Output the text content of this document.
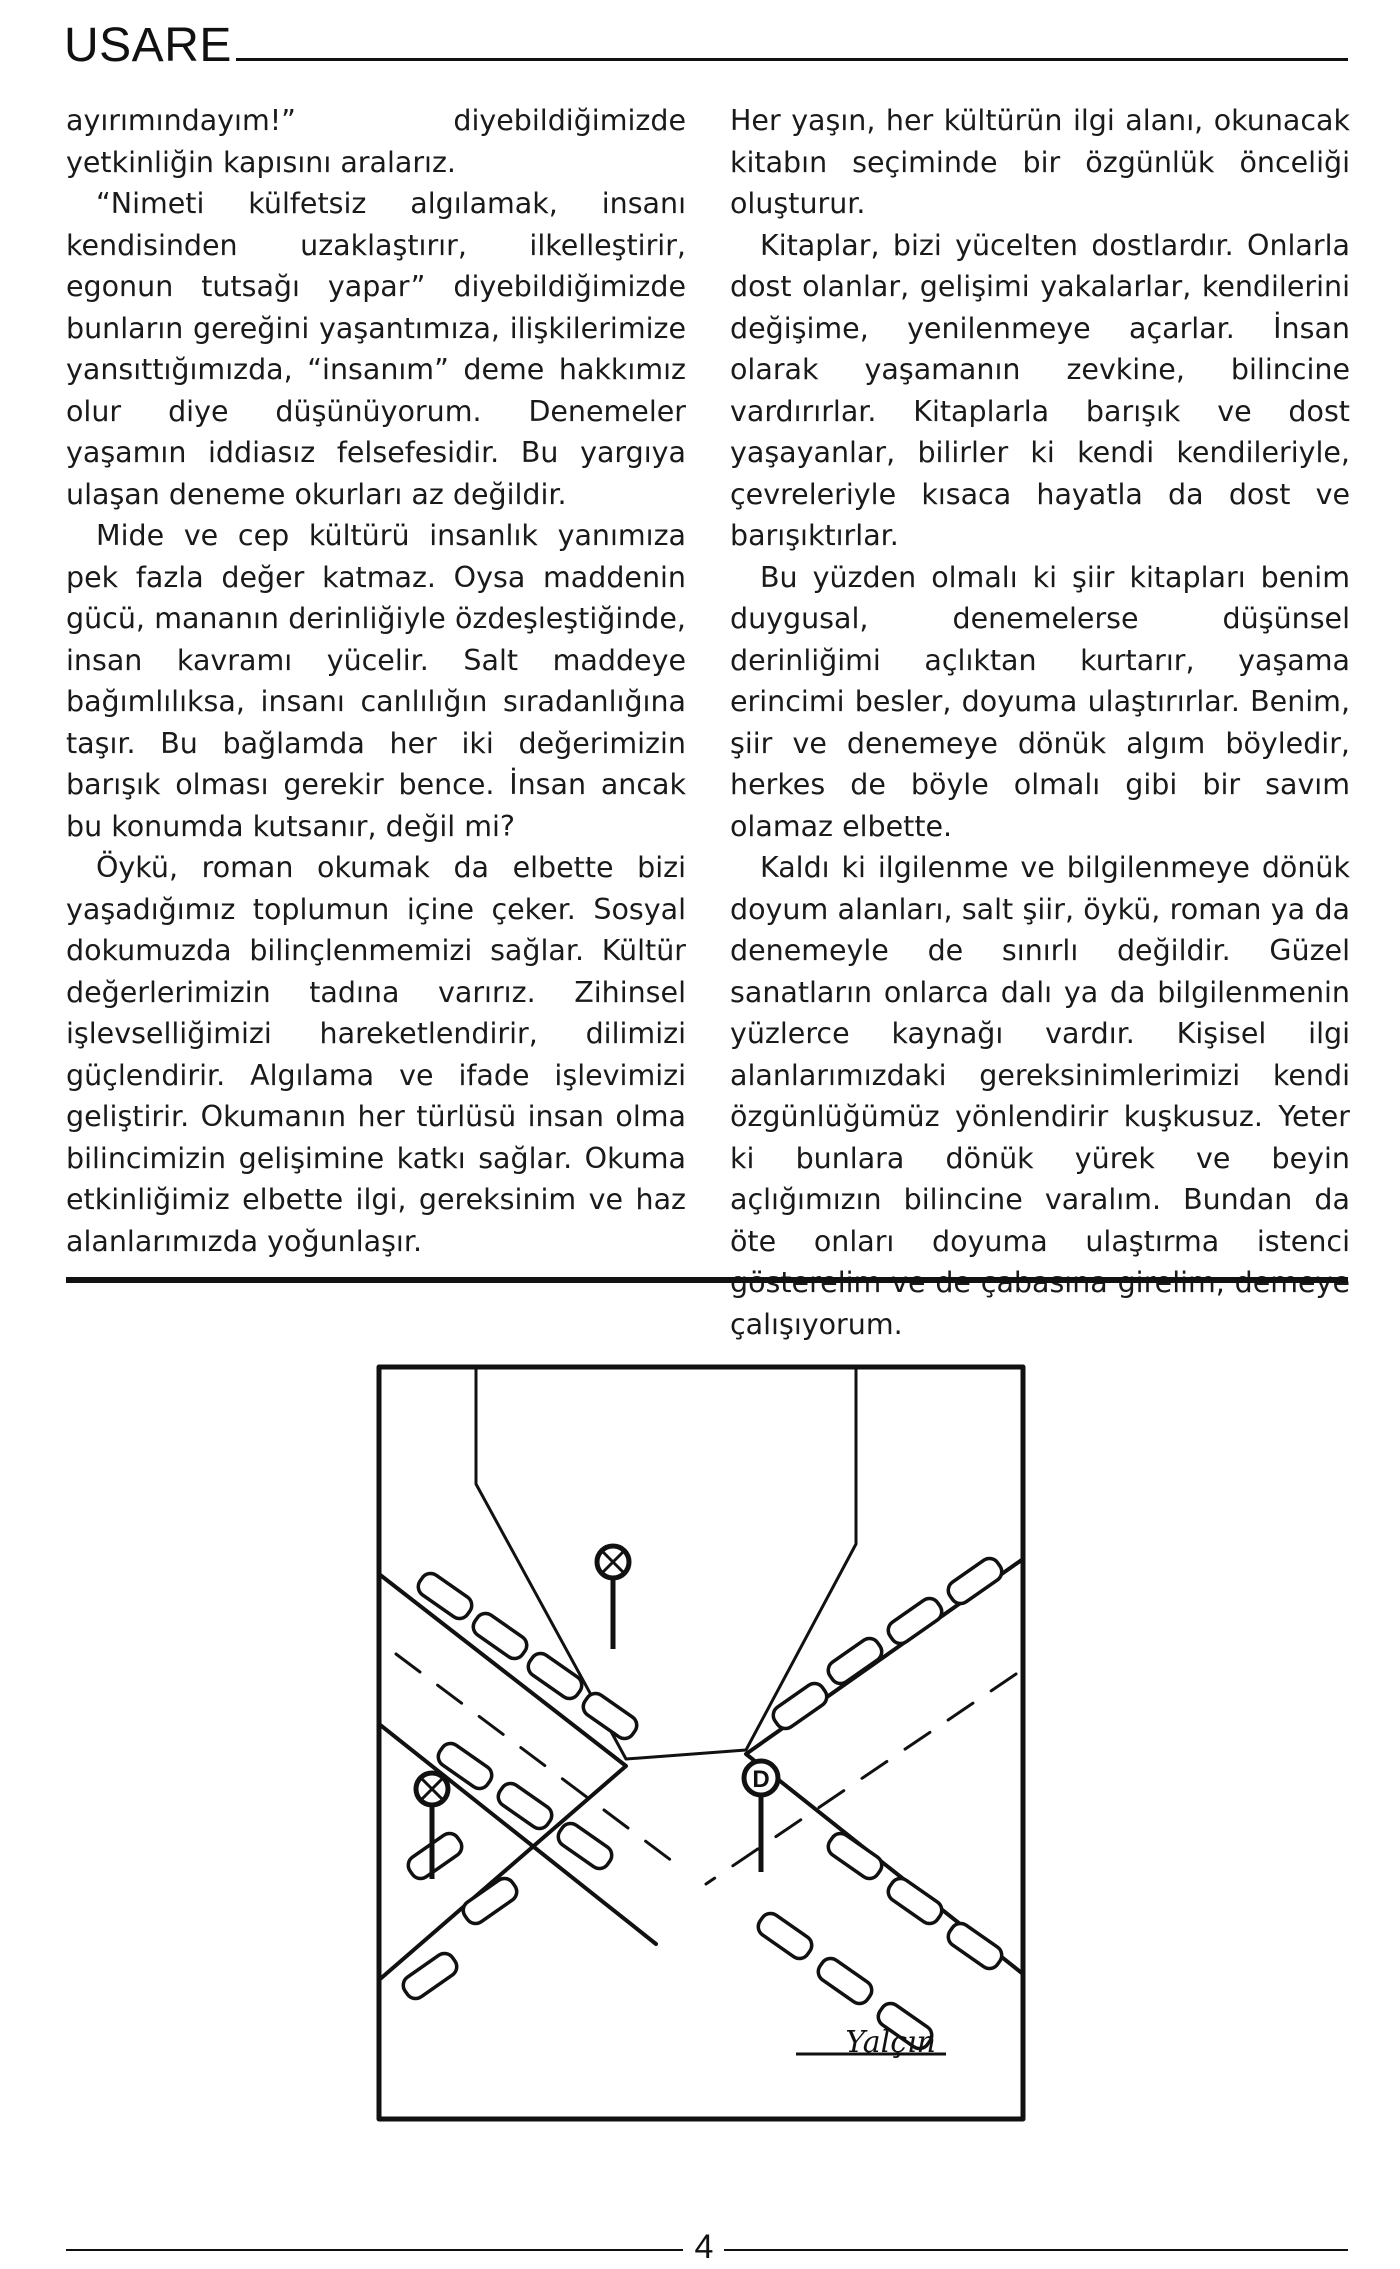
USARE

ayırımındayım!” diyebildiğimizde yetkinliğin kapısını aralarız.

“Nimeti külfetsiz algılamak, insanı kendisinden uzaklaştırır, ilkelleştirir, egonun tutsağı yapar” diyebildiğimizde bunların gereğini yaşantımıza, ilişkilerimize yansıttığımızda, “insanım” deme hakkımız olur diye düşünüyorum. Denemeler yaşamın iddiasız felsefesidir. Bu yargıya ulaşan deneme okurları az değildir.

Mide ve cep kültürü insanlık yanımıza pek fazla değer katmaz. Oysa maddenin gücü, mananın derinliğiyle özdeşleştiğinde, insan kavramı yücelir. Salt maddeye bağımlılıksa, insanı canlılığın sıradanlığına taşır. Bu bağlamda her iki değerimizin barışık olması gerekir bence. İnsan ancak bu konumda kutsanır, değil mi?

Öykü, roman okumak da elbette bizi yaşadığımız toplumun içine çeker. Sosyal dokumuzda bilinçlenmemizi sağlar. Kültür değerlerimizin tadına varırız. Zihinsel işlevselliğimizi hareketlendirir, dilimizi güçlendirir. Algılama ve ifade işlevimizi geliştirir. Okumanın her türlüsü insan olma bilincimizin gelişimine katkı sağlar. Okuma etkinliğimiz elbette ilgi, gereksinim ve haz alanlarımızda yoğunlaşır.

Her yaşın, her kültürün ilgi alanı, okunacak kitabın seçiminde bir özgünlük önceliği oluşturur.

Kitaplar, bizi yücelten dostlardır. Onlarla dost olanlar, gelişimi yakalarlar, kendilerini değişime, yenilenmeye açarlar. İnsan olarak yaşamanın zevkine, bilincine vardırırlar. Kitaplarla barışık ve dost yaşayanlar, bilirler ki kendi kendileriyle, çevreleriyle kısaca hayatla da dost ve barışıktırlar.

Bu yüzden olmalı ki şiir kitapları benim duygusal, denemelerse düşünsel derinliğimi açlıktan kurtarır, yaşama erincimi besler, doyuma ulaştırırlar. Benim, şiir ve denemeye dönük algım böyledir, herkes de böyle olmalı gibi bir savım olamaz elbette.

Kaldı ki ilgilenme ve bilgilenmeye dönük doyum alanları, salt şiir, öykü, roman ya da denemeyle de sınırlı değildir. Güzel sanatların onlarca dalı ya da bilgilenmenin yüzlerce kaynağı vardır. Kişisel ilgi alanlarımızdaki gereksinimlerimizi kendi özgünlüğümüz yönlendirir kuşkusuz. Yeter ki bunlara dönük yürek ve beyin açlığımızın bilincine varalım. Bundan da öte onları doyuma ulaştırma istenci gösterelim ve de çabasına girelim, demeye çalışıyorum.

D
Yalçın
4
